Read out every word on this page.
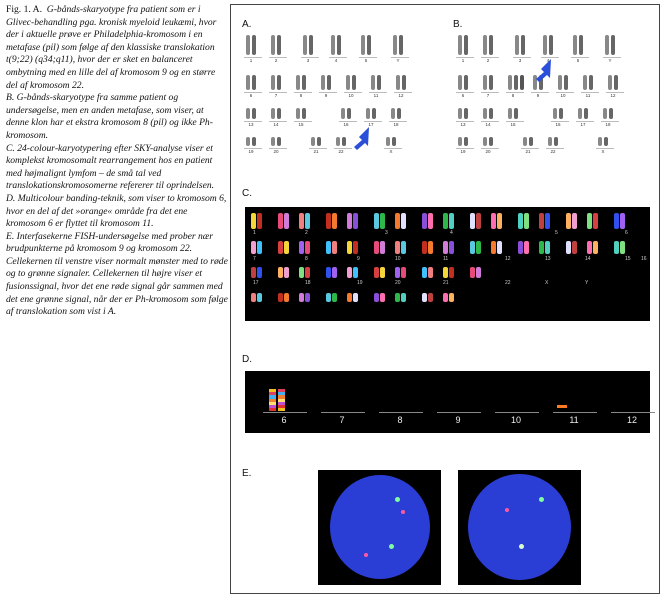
Fig. 1. A. G-bånds-skaryotype fra patient som er i Glivec-behandling pga. kronisk myeloid leukæmi, hvor der i aktuelle prøve er Philadelphia-kromosom i en metafase (pil) som følge af den klassiske translokation t(9;22) (q34;q11), hvor der er sket en balanceret ombytning med en lille del af kromosom 9 og en større del af kromosom 22.

B. G-bånds-skaryotype fra samme patient og undersøgelse, men en anden metafase, som viser, at denne klon har et ekstra kromosom 8 (pil) og ikke Ph-kromosom.

C. 24-colour-karyotypering efter SKY-analyse viser et komplekst kromosomalt rearrangement hos en patient med højmalignt lymfom – de små tal ved translokationskromosomerne refererer til oprindelsen.

D. Multicolour banding-teknik, som viser to kromosom 6, hvor en del af det »orange« område fra det ene kromosom 6 er flyttet til kromosom 11.

E. Interfasekerne FISH-undersøgelse med prober nær brudpunkterne på kromosom 9 og kromosom 22. Cellekernen til venstre viser normalt mønster med to røde og to grønne signaler. Cellekernen til højre viser et fusionssignal, hvor det ene røde signal går sammen med det ene grønne signal, når der er Ph-kromosom som følge af translokation som vist i A.

A.	B.
C.
D.
E.
1	2	3	4	5	Y
6	7	8	9	10	11	12
13	14	15	16	17	18
19	20	21	22	X
1	2	3	4	5	Y
6	7	8	9	10	11	12
13	14	15	16	17	18
19	20	21	22	X
1	2	3	4	5	6
7	8	9	10	11	12	13	14	15 16
17	18	19	20	21	22	X	Y
6	7	8	9	10	11	12
